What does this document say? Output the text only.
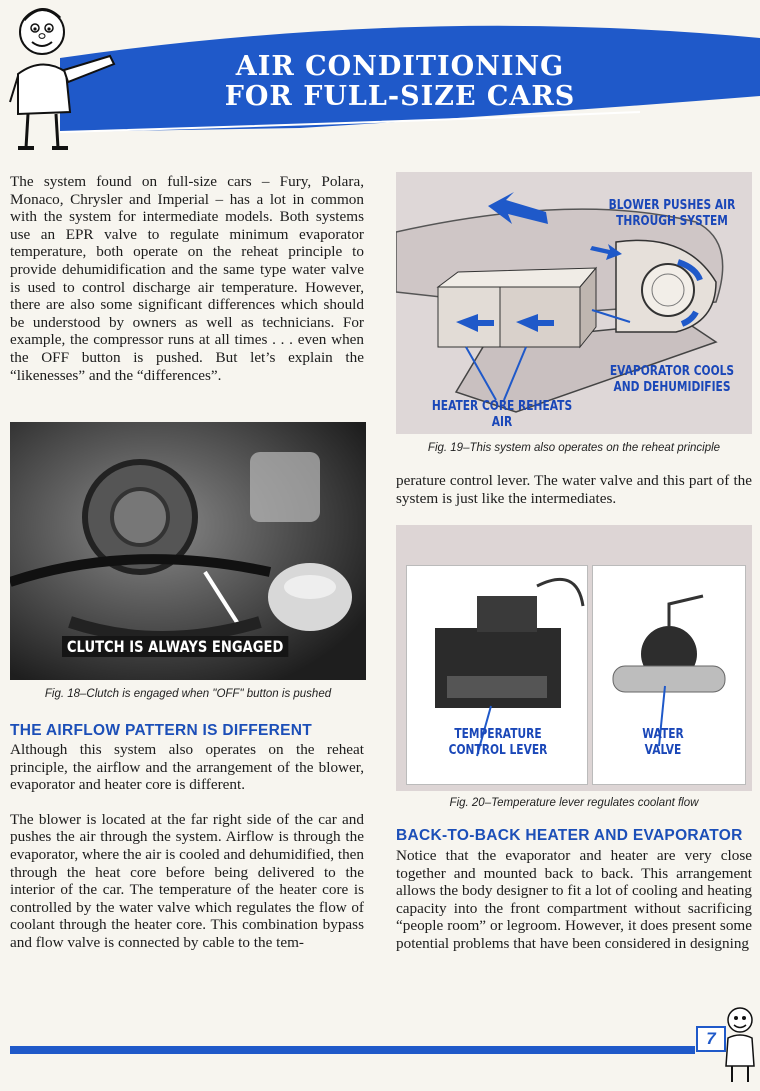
AIR CONDITIONING
FOR FULL-SIZE CARS

The system found on full-size cars – Fury, Polara, Monaco, Chrysler and Imperial – has a lot in common with the system for intermediate models. Both systems use an EPR valve to regulate minimum evaporator temperature, both operate on the reheat principle to provide dehumidification and the same type water valve is used to control discharge air temperature. However, there are also some significant differences which should be understood by owners as well as technicians. For example, the compressor runs at all times . . . even when the OFF button is pushed. But let’s explain the “likenesses” and the “differences”.

CLUTCH IS ALWAYS ENGAGED
Fig. 18–Clutch is engaged when "OFF" button is pushed
THE AIRFLOW PATTERN IS DIFFERENT

Although this system also operates on the reheat principle, the airflow and the arrangement of the blower, evaporator and heater core is different.

The blower is located at the far right side of the car and pushes the air through the system. Airflow is through the evaporator, where the air is cooled and dehumidified, then through the heat core before being delivered to the interior of the car. The temperature of the heater core is controlled by the water valve which regulates the flow of coolant through the heater core. This combination bypass and flow valve is connected by cable to the tem-

BLOWER PUSHES AIR
THROUGH SYSTEM
EVAPORATOR COOLS
AND DEHUMIDIFIES
HEATER CORE REHEATS AIR
Fig. 19–This system also operates on the reheat principle

perature control lever. The water valve and this part of the system is just like the intermediates.

TEMPERATURE
CONTROL LEVER
WATER
VALVE
Fig. 20–Temperature lever regulates coolant flow
BACK-TO-BACK HEATER AND EVAPORATOR

Notice that the evaporator and heater are very close together and mounted back to back. This arrangement allows the body designer to fit a lot of cooling and heating capacity into the front compartment without sacrificing “people room” or legroom. However, it does present some potential problems that have been considered in designing

7
